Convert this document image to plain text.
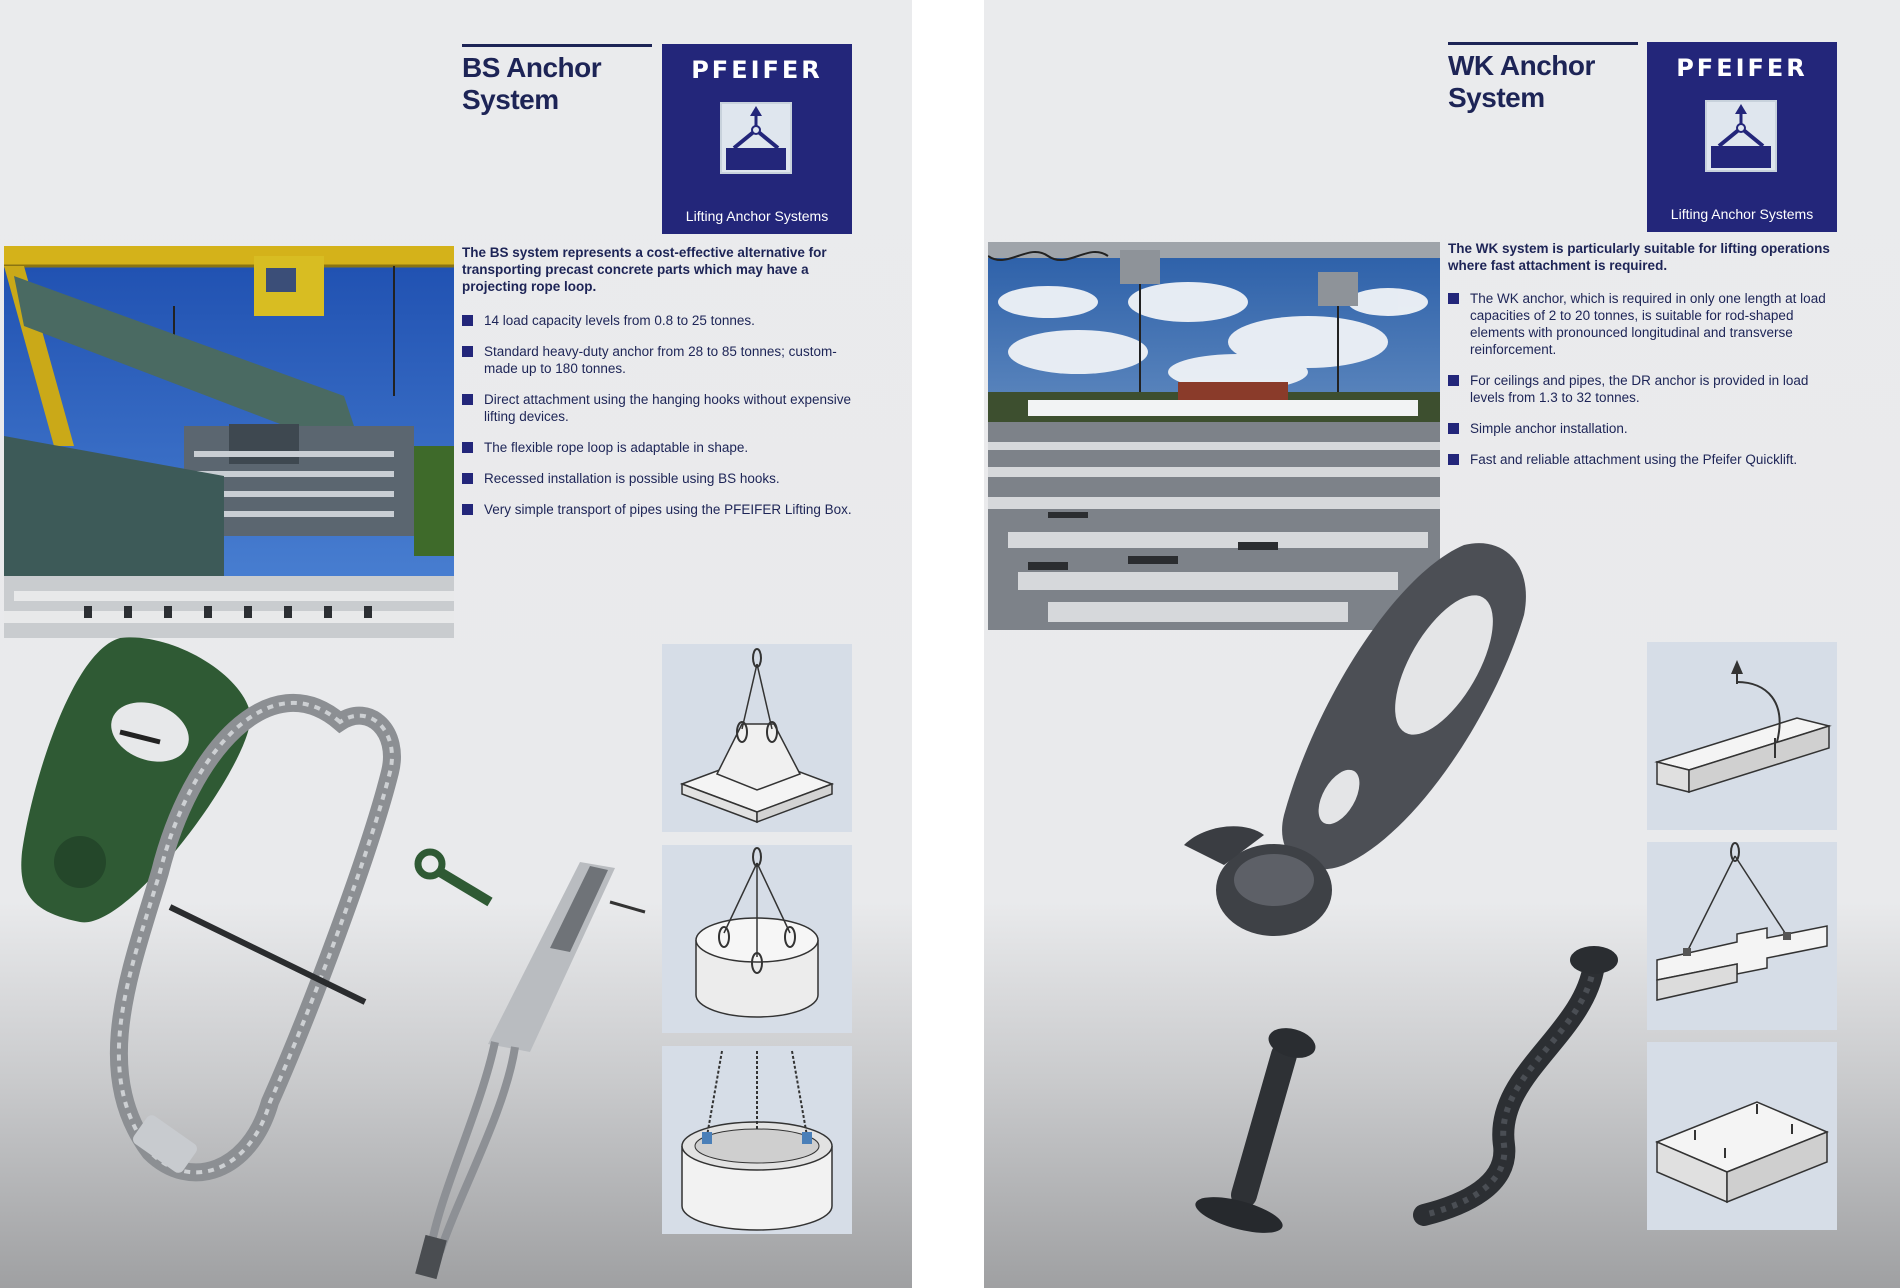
BS Anchor
System
PFEIFER
Lifting Anchor Systems
The BS system represents a cost-effective alternative for transporting precast concrete parts which may have a projecting rope loop.
14 load capacity levels from 0.8 to 25 tonnes.
Standard heavy-duty anchor from 28 to 85 tonnes; custom-made up to 180 tonnes.
Direct attachment using the hanging hooks without expensive lifting devices.
The flexible rope loop is adaptable in shape.
Recessed installation is possible using BS hooks.
Very simple transport of pipes using the PFEIFER Lifting Box.
WK Anchor
System
PFEIFER
Lifting Anchor Systems
The WK system is particularly suitable for lifting operations where fast attachment is required.
The WK anchor, which is required in only one length at load capacities of 2 to 20 tonnes, is suitable for rod-shaped elements with pronounced longitudinal and transverse reinforcement.
For ceilings and pipes, the DR anchor is provided in load levels from 1.3 to 32 tonnes.
Simple anchor installation.
Fast and reliable attachment using the Pfeifer Quicklift.
